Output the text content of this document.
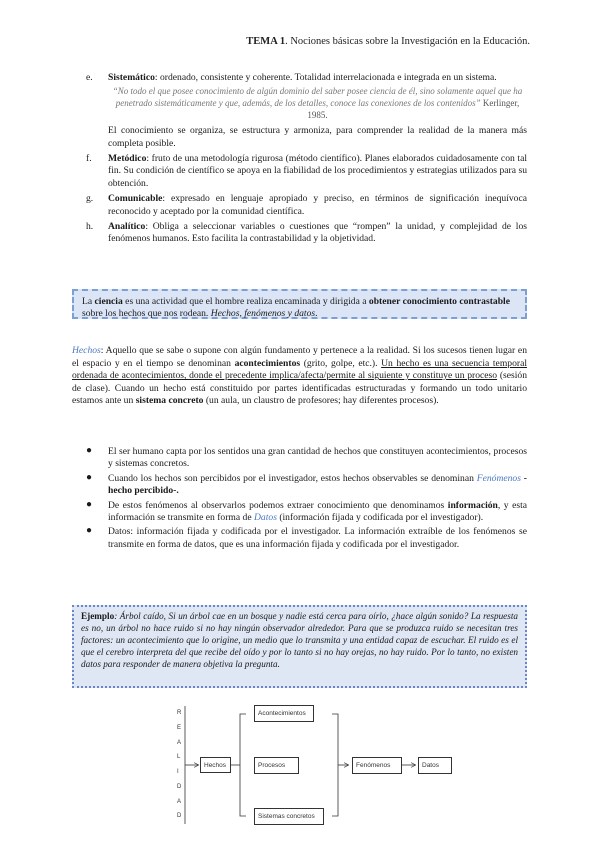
TEMA 1. Nociones básicas sobre la Investigación en la Educación.
e. Sistemático: ordenado, consistente y coherente. Totalidad interrelacionada e integrada en un sistema.
“No todo el que posee conocimiento de algún dominio del saber posee ciencia de él, sino solamente aquel que ha penetrado sistemáticamente y que, además, de los detalles, conoce las conexiones de los contenidos” Kerlinger, 1985.
El conocimiento se organiza, se estructura y armoniza, para comprender la realidad de la manera más completa posible.
f. Metódico: fruto de una metodología rigurosa (método científico). Planes elaborados cuidadosamente con tal fin. Su condición de científico se apoya en la fiabilidad de los procedimientos y estrategias utilizados para su obtención.
g. Comunicable: expresado en lenguaje apropiado y preciso, en términos de significación inequívoca reconocido y aceptado por la comunidad científica.
h. Analítico: Obliga a seleccionar variables o cuestiones que “rompen” la unidad, y complejidad de los fenómenos humanos. Esto facilita la contrastabilidad y la objetividad.
La ciencia es una actividad que el hombre realiza encaminada y dirigida a obtener conocimiento contrastable sobre los hechos que nos rodean. Hechos, fenómenos y datos.
Hechos: Aquello que se sabe o supone con algún fundamento y pertenece a la realidad. Si los sucesos tienen lugar en el espacio y en el tiempo se denominan acontecimientos (grito, golpe, etc.). Un hecho es una secuencia temporal ordenada de acontecimientos, donde el precedente implica/afecta/permite al siguiente y constituye un proceso (sesión de clase). Cuando un hecho está constituido por partes identificadas estructuradas y formando un todo unitario estamos ante un sistema concreto (un aula, un claustro de profesores; hay diferentes procesos).
● El ser humano capta por los sentidos una gran cantidad de hechos que constituyen acontecimientos, procesos y sistemas concretos.
● Cuando los hechos son percibidos por el investigador, estos hechos observables se denominan Fenómenos -hecho percibido-.
● De estos fenómenos al observarlos podemos extraer conocimiento que denominamos información, y esta información se transmite en forma de Datos (información fijada y codificada por el investigador).
● Datos: información fijada y codificada por el investigador. La información extraíble de los fenómenos se transmite en forma de datos, que es una información fijada y codificada por el investigador.
Ejemplo: Árbol caído, Si un árbol cae en un bosque y nadie está cerca para oírlo, ¿hace algún sonido? La respuesta es no, un árbol no hace ruido si no hay ningún observador alrededor. Para que se produzca ruido se necesitan tres factores: un acontecimiento que lo origine, un medio que lo transmita y una entidad capaz de escuchar. El ruido es el que el cerebro interpreta del que recibe del oído y por lo tanto si no hay orejas, no hay ruido. Por lo tanto, no existen datos para responder de manera objetiva la pregunta.
R
E
A
L
I
D
A
D
Hechos
Acontecimientos
Procesos
Sistemas concretos
Fenómenos	Datos
